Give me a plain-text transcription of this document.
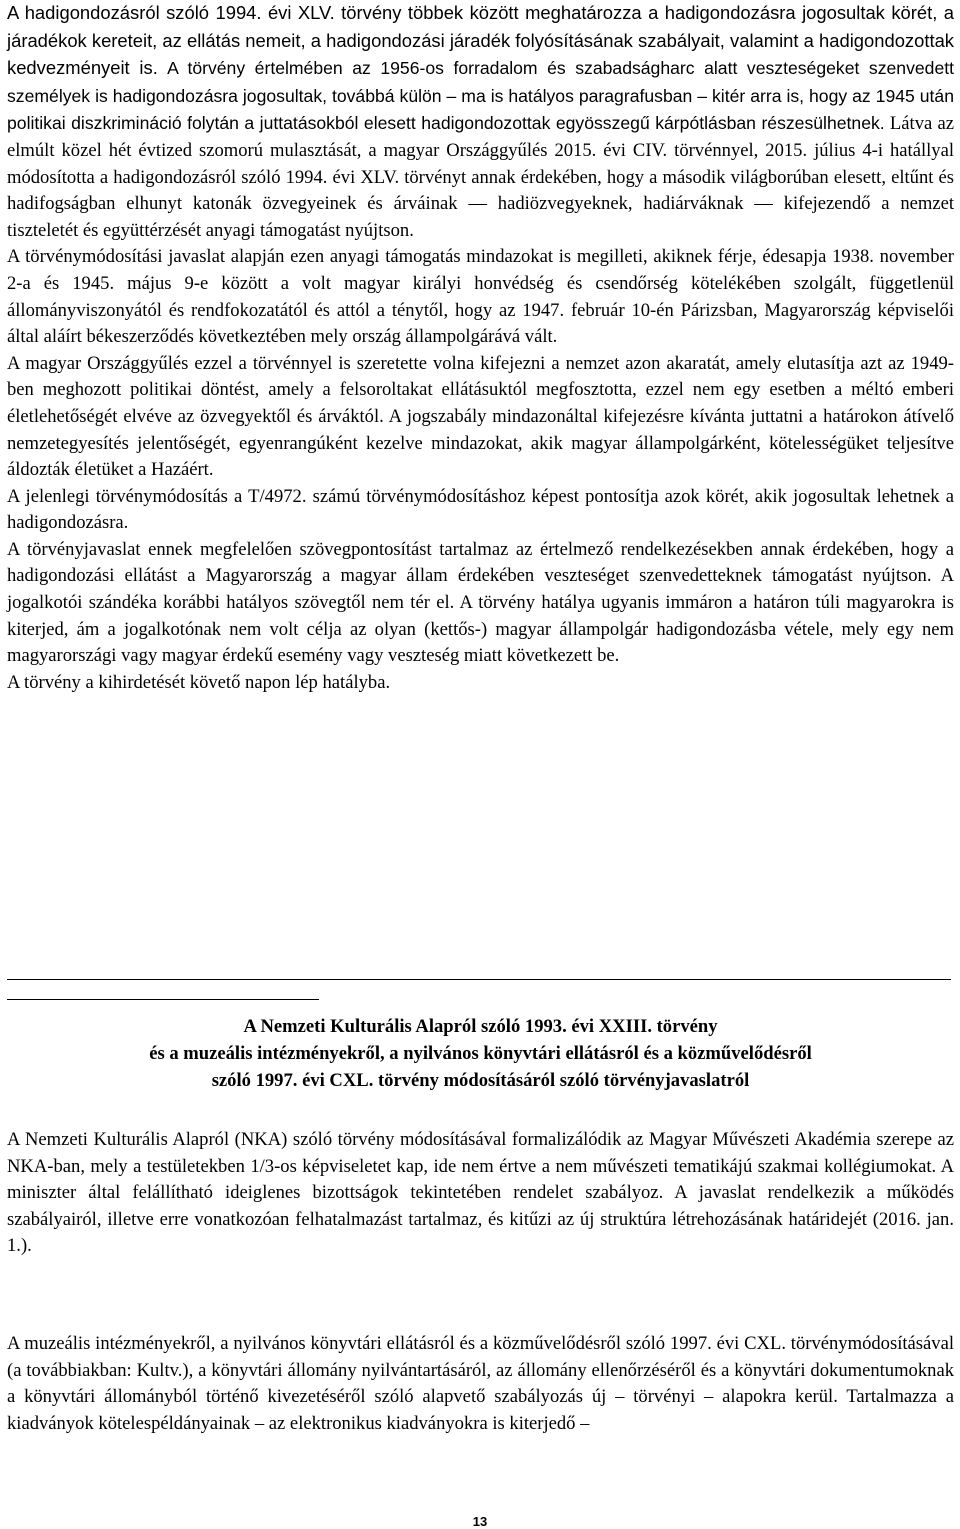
A hadigondozásról szóló 1994. évi XLV. törvény többek között meghatározza a hadigondozásra jogosultak körét, a járadékok kereteit, az ellátás nemeit, a hadigondozási járadék folyósításának szabályait, valamint a hadigondozottak kedvezményeit is. A törvény értelmében az 1956-os forradalom és szabadságharc alatt veszteségeket szenvedett személyek is hadigondozásra jogosultak, továbbá külön – ma is hatályos paragrafusban – kitér arra is, hogy az 1945 után politikai diszkrimináció folytán a juttatásokból elesett hadigondozottak egyösszegű kárpótlásban részesülhetnek. Látva az elmúlt közel hét évtized szomorú mulasztását, a magyar Országgyűlés 2015. évi CIV. törvénnyel, 2015. július 4-i hatállyal módosította a hadigondozásról szóló 1994. évi XLV. törvényt annak érdekében, hogy a második világborúban elesett, eltűnt és hadifogságban elhunyt katonák özvegyeinek és árváinak — hadiözvegyeknek, hadiárváknak — kifejezendő a nemzet tiszteletét és együttérzését anyagi támogatást nyújtson.

A törvénymódosítási javaslat alapján ezen anyagi támogatás mindazokat is megilleti, akiknek férje, édesapja 1938. november 2-a és 1945. május 9-e között a volt magyar királyi honvédség és csendőrség kötelékében szolgált, függetlenül állományviszonyától és rendfokozatától és attól a ténytől, hogy az 1947. február 10-én Párizsban, Magyarország képviselői által aláírt békeszerződés következtében mely ország állampolgárává vált.

A magyar Országgyűlés ezzel a törvénnyel is szeretette volna kifejezni a nemzet azon akaratát, amely elutasítja azt az 1949-ben meghozott politikai döntést, amely a felsoroltakat ellátásuktól megfosztotta, ezzel nem egy esetben a méltó emberi életlehetőségét elvéve az özvegyektől és árváktól. A jogszabály mindazonáltal kifejezésre kívánta juttatni a határokon átívelő nemzetegyesítés jelentőségét, egyenrangúként kezelve mindazokat, akik magyar állampolgárként, kötelességüket teljesítve áldozták életüket a Hazáért.

A jelenlegi törvénymódosítás a T/4972. számú törvénymódosításhoz képest pontosítja azok körét, akik jogosultak lehetnek a hadigondozásra.

A törvényjavaslat ennek megfelelően szövegpontosítást tartalmaz az értelmező rendelkezésekben annak érdekében, hogy a hadigondozási ellátást a Magyarország a magyar állam érdekében veszteséget szenvedetteknek támogatást nyújtson. A jogalkotói szándéka korábbi hatályos szövegtől nem tér el. A törvény hatálya ugyanis immáron a határon túli magyarokra is kiterjed, ám a jogalkotónak nem volt célja az olyan (kettős-) magyar állampolgár hadigondozásba vétele, mely egy nem magyarországi vagy magyar érdekű esemény vagy veszteség miatt következett be.

A törvény a kihirdetését követő napon lép hatályba.

A Nemzeti Kulturális Alapról szóló 1993. évi XXIII. törvény
és a muzeális intézményekről, a nyilvános könyvtári ellátásról és a közművelődésről
szóló 1997. évi CXL. törvény módosításáról szóló törvényjavaslatról

A Nemzeti Kulturális Alapról (NKA) szóló törvény módosításával formalizálódik az Magyar Művészeti Akadémia szerepe az NKA-ban, mely a testületekben 1/3-os képviseletet kap, ide nem értve a nem művészeti tematikájú szakmai kollégiumokat. A miniszter által felállítható ideiglenes bizottságok tekintetében rendelet szabályoz. A javaslat rendelkezik a működés szabályairól, illetve erre vonatkozóan felhatalmazást tartalmaz, és kitűzi az új struktúra létrehozásának határidejét (2016. jan. 1.).

A muzeális intézményekről, a nyilvános könyvtári ellátásról és a közművelődésről szóló 1997. évi CXL. törvénymódosításával (a továbbiakban: Kultv.), a könyvtári állomány nyilvántartásáról, az állomány ellenőrzéséről és a könyvtári dokumentumoknak a könyvtári állományból történő kivezetéséről szóló alapvető szabályozás új – törvényi – alapokra kerül. Tartalmazza a kiadványok kötelespéldányainak – az elektronikus kiadványokra is kiterjedő –

13
